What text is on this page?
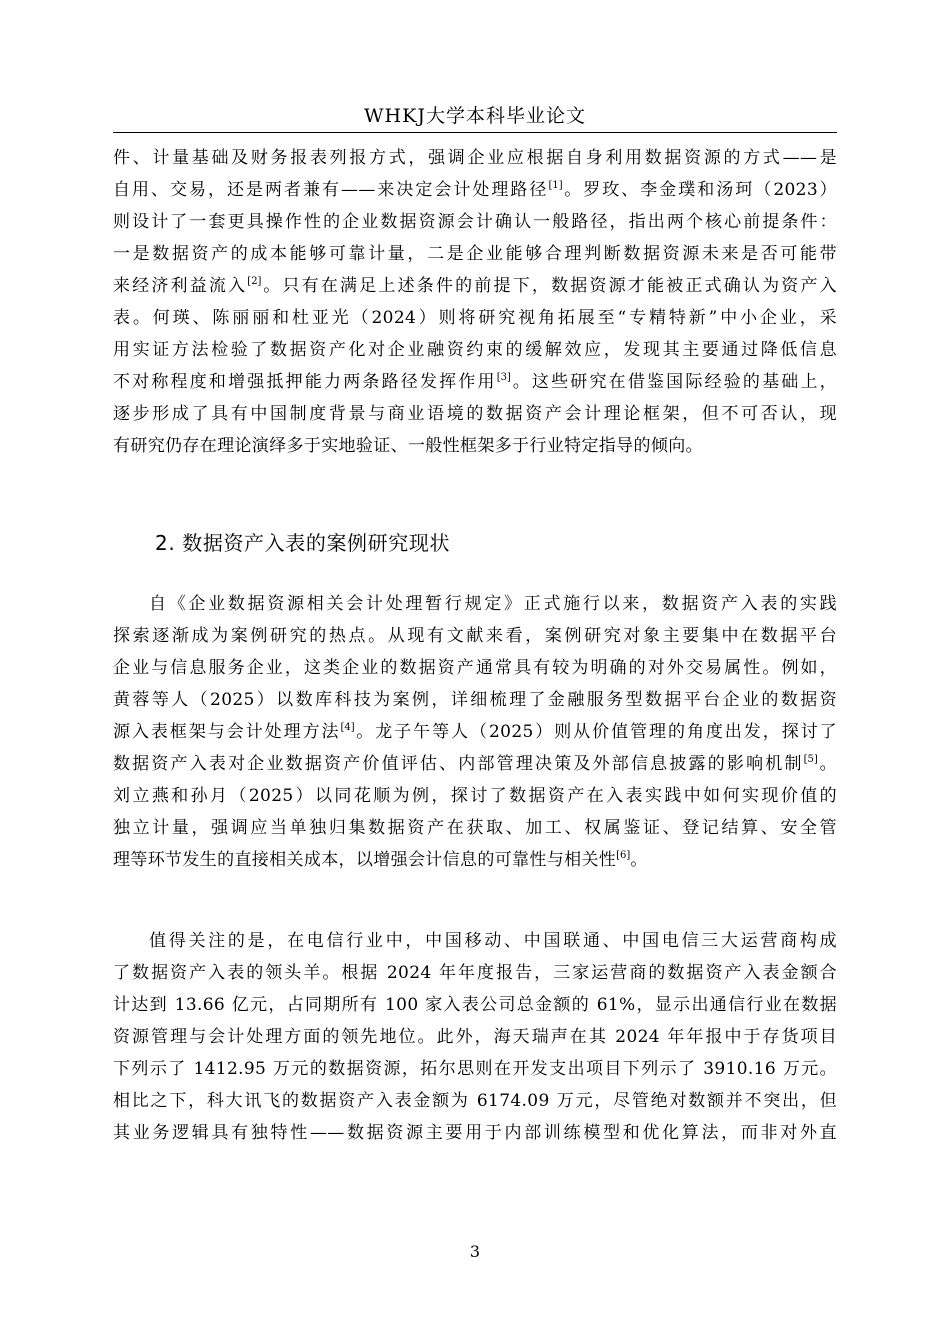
WHKJ大学本科毕业论文
件、计量基础及财务报表列报方式，强调企业应根据自身利用数据资源的方式——是
自用、交易，还是两者兼有——来决定会计处理路径[1]。罗玫、李金璞和汤珂（2023）
则设计了一套更具操作性的企业数据资源会计确认一般路径，指出两个核心前提条件：
一是数据资产的成本能够可靠计量，二是企业能够合理判断数据资源未来是否可能带
来经济利益流入[2]。只有在满足上述条件的前提下，数据资源才能被正式确认为资产入
表。何瑛、陈丽丽和杜亚光（2024）则将研究视角拓展至“专精特新”中小企业，采
用实证方法检验了数据资产化对企业融资约束的缓解效应，发现其主要通过降低信息
不对称程度和增强抵押能力两条路径发挥作用[3]。这些研究在借鉴国际经验的基础上，
逐步形成了具有中国制度背景与商业语境的数据资产会计理论框架，但不可否认，现
有研究仍存在理论演绎多于实地验证、一般性框架多于行业特定指导的倾向。
2. 数据资产入表的案例研究现状
自《企业数据资源相关会计处理暂行规定》正式施行以来，数据资产入表的实践
探索逐渐成为案例研究的热点。从现有文献来看，案例研究对象主要集中在数据平台
企业与信息服务企业，这类企业的数据资产通常具有较为明确的对外交易属性。例如，
黄蓉等人（2025）以数库科技为案例，详细梳理了金融服务型数据平台企业的数据资
源入表框架与会计处理方法[4]。龙子午等人（2025）则从价值管理的角度出发，探讨了
数据资产入表对企业数据资产价值评估、内部管理决策及外部信息披露的影响机制[5]。
刘立燕和孙月（2025）以同花顺为例，探讨了数据资产在入表实践中如何实现价值的
独立计量，强调应当单独归集数据资产在获取、加工、权属鉴证、登记结算、安全管
理等环节发生的直接相关成本，以增强会计信息的可靠性与相关性[6]。
值得关注的是，在电信行业中，中国移动、中国联通、中国电信三大运营商构成
了数据资产入表的领头羊。根据 2024 年年度报告，三家运营商的数据资产入表金额合
计达到 13.66 亿元，占同期所有 100 家入表公司总金额的 61%，显示出通信行业在数据
资源管理与会计处理方面的领先地位。此外，海天瑞声在其 2024 年年报中于存货项目
下列示了 1412.95 万元的数据资源，拓尔思则在开发支出项目下列示了 3910.16 万元。
相比之下，科大讯飞的数据资产入表金额为 6174.09 万元，尽管绝对数额并不突出，但
其业务逻辑具有独特性——数据资源主要用于内部训练模型和优化算法，而非对外直
3
